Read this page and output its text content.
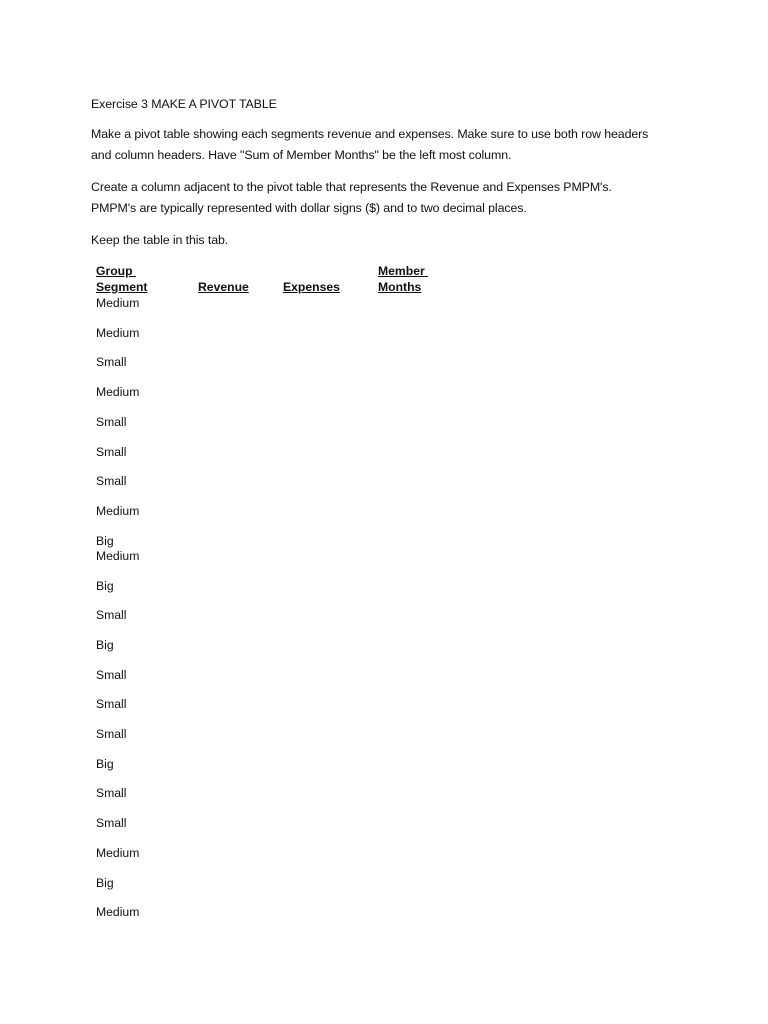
Exercise 3 MAKE A PIVOT TABLE
Make a pivot table showing each segments revenue and expenses. Make sure to use both row headers
and column headers. Have "Sum of Member Months" be the left most column.
Create a column adjacent to the pivot table that represents the Revenue and Expenses PMPM's.
PMPM's are typically represented with dollar signs ($) and to two decimal places.
Keep the table in this tab.
Group
Segment	Revenue	Expenses
Member
Months
Medium
Medium
Small
Medium
Small
Small
Small
Medium
Big
Medium
Big
Small
Big
Small
Small
Small
Big
Small
Small
Medium
Big
Medium
